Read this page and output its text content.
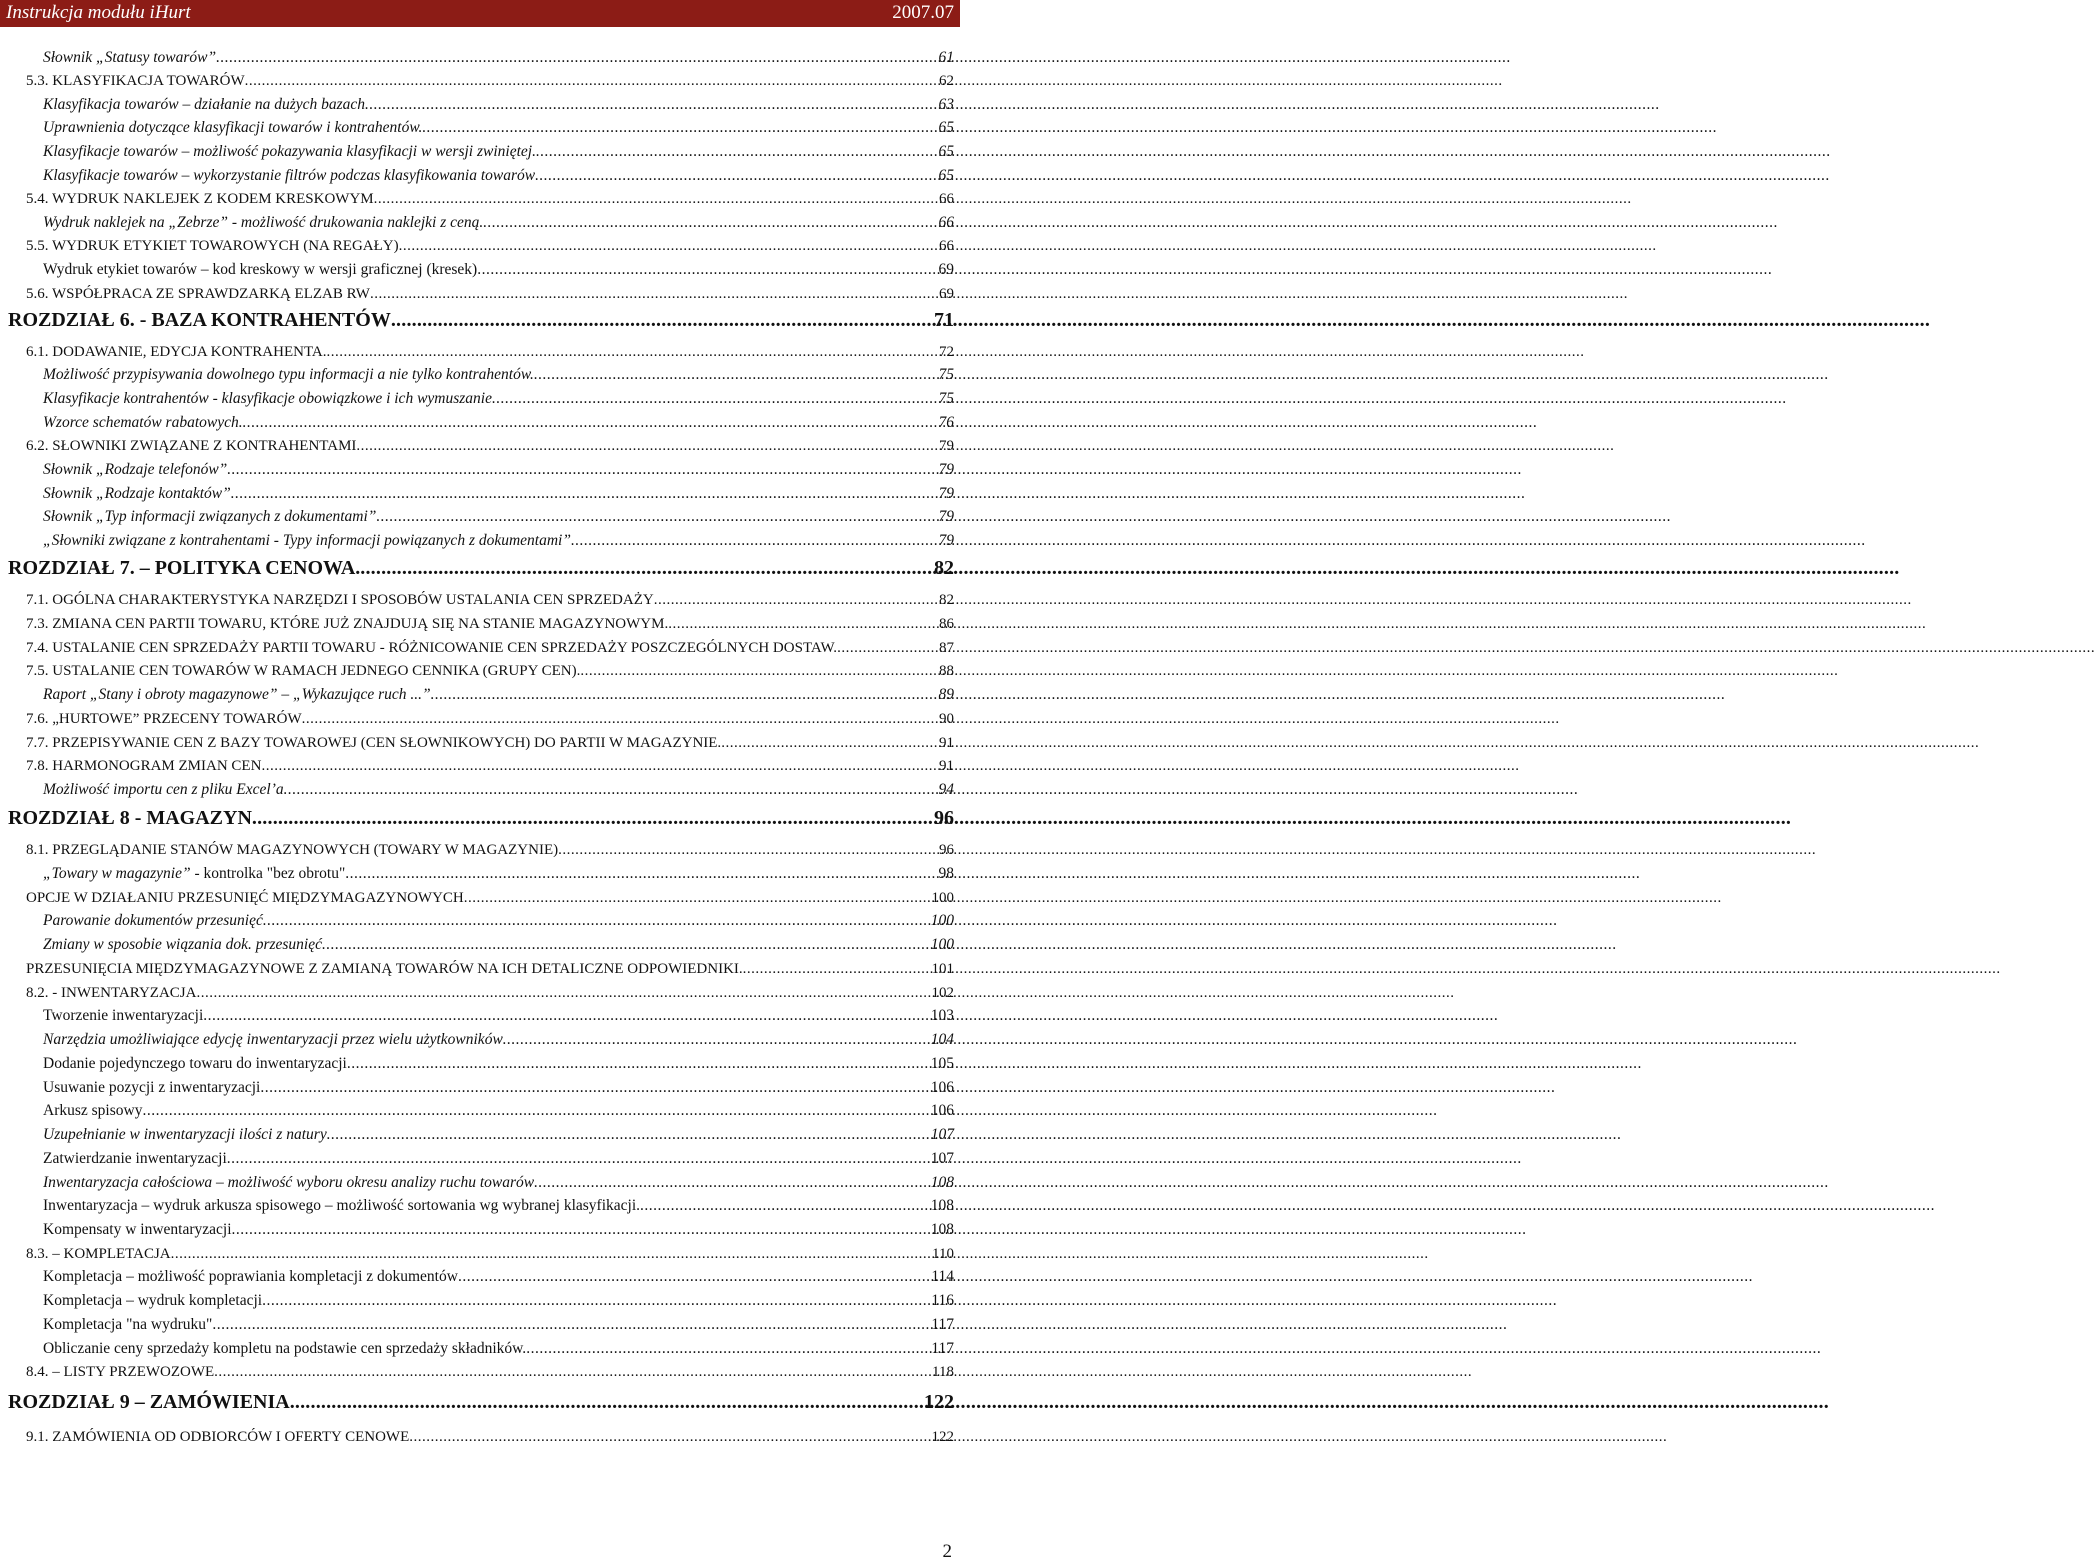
Instrukcja modułu iHurt	2007.07
Słownik „Statusy towarów” .....	61
5.3. KLASYFIKACJA TOWARÓW .....	62
Klasyfikacja towarów – działanie na dużych bazach .....	63
Uprawnienia dotyczące klasyfikacji towarów i kontrahentów. .....	65
Klasyfikacje towarów – możliwość pokazywania klasyfikacji w wersji zwiniętej. .....	65
Klasyfikacje towarów – wykorzystanie filtrów podczas klasyfikowania towarów .....	65
5.4. WYDRUK NAKLEJEK Z KODEM KRESKOWYM .....	66
Wydruk naklejek na „Zebrze” - możliwość drukowania naklejki z ceną. .....	66
5.5. WYDRUK ETYKIET TOWAROWYCH (NA REGAŁY) .....	66
Wydruk etykiet towarów – kod kreskowy w wersji graficznej (kresek) .....	69
5.6. WSPÓŁPRACA ZE SPRAWDZARKĄ ELZAB RW .....	69
ROZDZIAŁ 6. - BAZA KONTRAHENTÓW .....	71
6.1. DODAWANIE, EDYCJA KONTRAHENTA. .....	72
Możliwość przypisywania dowolnego typu informacji a nie tylko kontrahentów. .....	75
Klasyfikacje kontrahentów - klasyfikacje obowiązkowe i ich wymuszanie .....	75
Wzorce schematów rabatowych. .....	76
6.2. SŁOWNIKI ZWIĄZANE Z KONTRAHENTAMI .....	79
Słownik „Rodzaje telefonów” .....	79
Słownik „Rodzaje kontaktów” .....	79
Słownik „Typ informacji związanych z dokumentami” .....	79
„Słowniki związane z kontrahentami - Typy informacji powiązanych z dokumentami” .....	79
ROZDZIAŁ 7. – POLITYKA CENOWA. .....	82
7.1. OGÓLNA CHARAKTERYSTYKA NARZĘDZI I SPOSOBÓW USTALANIA CEN SPRZEDAŻY .....	82
7.3. ZMIANA CEN PARTII TOWARU, KTÓRE JUŻ ZNAJDUJĄ SIĘ NA STANIE MAGAZYNOWYM. .....	86
7.4. USTALANIE CEN SPRZEDAŻY PARTII TOWARU - RÓŻNICOWANIE CEN SPRZEDAŻY POSZCZEGÓLNYCH DOSTAW. .....	87
7.5. USTALANIE CEN TOWARÓW W RAMACH JEDNEGO CENNIKA (GRUPY CEN). .....	88
Raport „Stany i obroty magazynowe” – „Wykazujące ruch ...” .....	89
7.6. „HURTOWE” PRZECENY TOWARÓW .....	90
7.7. PRZEPISYWANIE CEN Z BAZY TOWAROWEJ (CEN SŁOWNIKOWYCH) DO PARTII W MAGAZYNIE. .....	91
7.8. HARMONOGRAM ZMIAN CEN .....	91
Możliwość importu cen z pliku Excel’a .....	94
ROZDZIAŁ 8 - MAGAZYN .....	96
8.1. PRZEGLĄDANIE STANÓW MAGAZYNOWYCH (TOWARY W MAGAZYNIE) .....	96
„Towary w magazynie” - kontrolka "bez obrotu" .....	98
OPCJE W DZIAŁANIU PRZESUNIĘĆ MIĘDZYMAGAZYNOWYCH .....	100
Parowanie dokumentów przesunięć .....	100
Zmiany w sposobie wiązania dok. przesunięć .....	100
PRZESUNIĘCIA MIĘDZYMAGAZYNOWE Z ZAMIANĄ TOWARÓW NA ICH DETALICZNE ODPOWIEDNIKI. .....	101
8.2. - INWENTARYZACJA .....	102
Tworzenie inwentaryzacji .....	103
Narzędzia umożliwiające edycję inwentaryzacji przez wielu użytkowników .....	104
Dodanie pojedynczego towaru do inwentaryzacji .....	105
Usuwanie pozycji z inwentaryzacji .....	106
Arkusz spisowy .....	106
Uzupełnianie w inwentaryzacji ilości z natury .....	107
Zatwierdzanie inwentaryzacji .....	107
Inwentaryzacja całościowa – możliwość wyboru okresu analizy ruchu towarów .....	108
Inwentaryzacja – wydruk arkusza spisowego – możliwość sortowania wg wybranej klasyfikacji. .....	108
Kompensaty w inwentaryzacji .....	108
8.3. – KOMPLETACJA .....	110
Kompletacja – możliwość poprawiania kompletacji z dokumentów .....	114
Kompletacja – wydruk kompletacji .....	116
Kompletacja "na wydruku" .....	117
Obliczanie ceny sprzedaży kompletu na podstawie cen sprzedaży składników. .....	117
8.4. – LISTY PRZEWOZOWE .....	118
ROZDZIAŁ 9 – ZAMÓWIENIA .....	122
9.1. ZAMÓWIENIA OD ODBIORCÓW I OFERTY CENOWE .....	122
2
